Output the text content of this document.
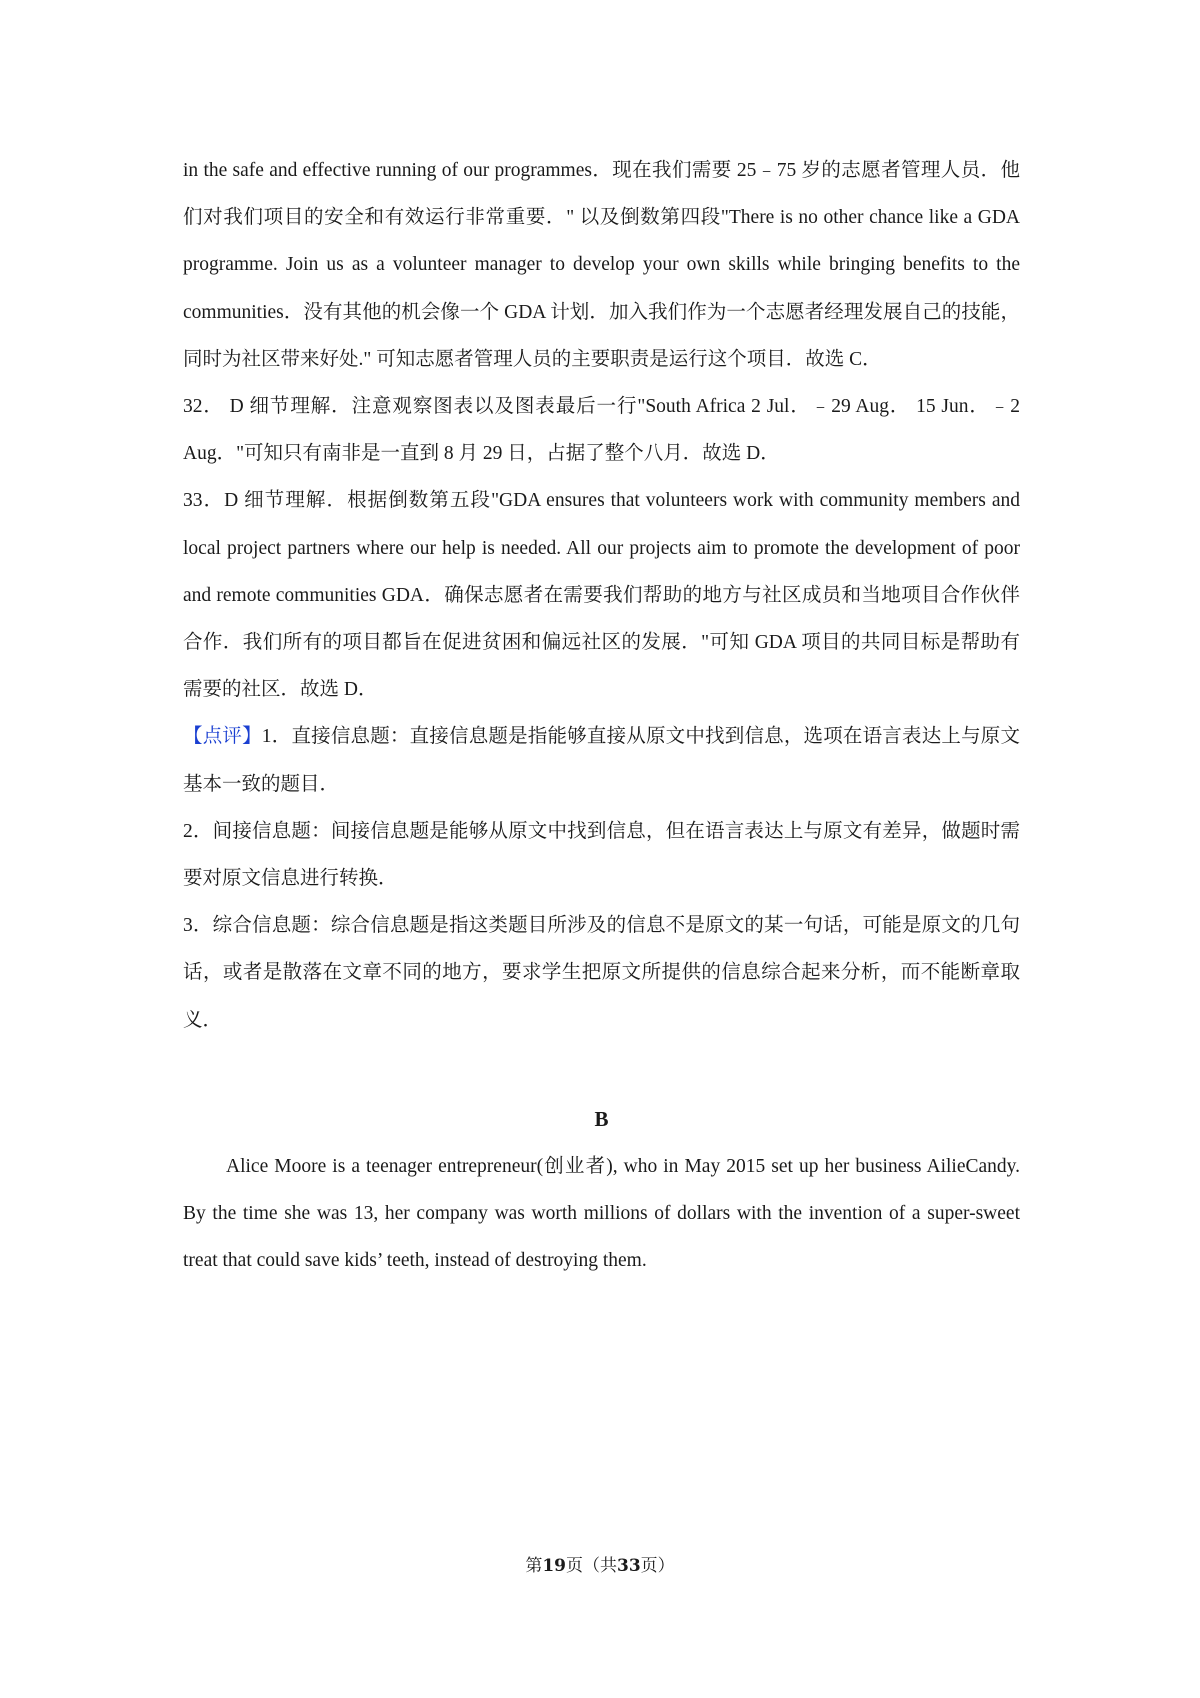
in the safe and effective running of our programmes．现在我们需要 25﹣75 岁的志愿者管理人员．他们对我们项目的安全和有效运行非常重要．" 以及倒数第四段"There is no other chance like a GDA programme. Join us as a volunteer manager to develop your own skills while bringing benefits to the communities．没有其他的机会像一个 GDA 计划．加入我们作为一个志愿者经理发展自己的技能，同时为社区带来好处." 可知志愿者管理人员的主要职责是运行这个项目．故选 C．

32． D 细节理解．注意观察图表以及图表最后一行"South Africa 2 Jul．﹣29 Aug． 15 Jun．﹣2 Aug．"可知只有南非是一直到 8 月 29 日，占据了整个八月．故选 D．

33．D 细节理解．根据倒数第五段"GDA ensures that volunteers work with community members and local project partners where our help is needed. All our projects aim to promote the development of poor and remote communities GDA．确保志愿者在需要我们帮助的地方与社区成员和当地项目合作伙伴合作．我们所有的项目都旨在促进贫困和偏远社区的发展．"可知 GDA 项目的共同目标是帮助有需要的社区．故选 D．

【点评】1．直接信息题：直接信息题是指能够直接从原文中找到信息，选项在语言表达上与原文基本一致的题目．

2．间接信息题：间接信息题是能够从原文中找到信息，但在语言表达上与原文有差异，做题时需要对原文信息进行转换．

3．综合信息题：综合信息题是指这类题目所涉及的信息不是原文的某一句话，可能是原文的几句话，或者是散落在文章不同的地方，要求学生把原文所提供的信息综合起来分析，而不能断章取义．

B

Alice Moore is a teenager entrepreneur(创业者), who in May 2015 set up her business AilieCandy. By the time she was 13, her company was worth millions of dollars with the invention of a super-sweet treat that could save kids’ teeth, instead of destroying them.

第19页（共33页）
